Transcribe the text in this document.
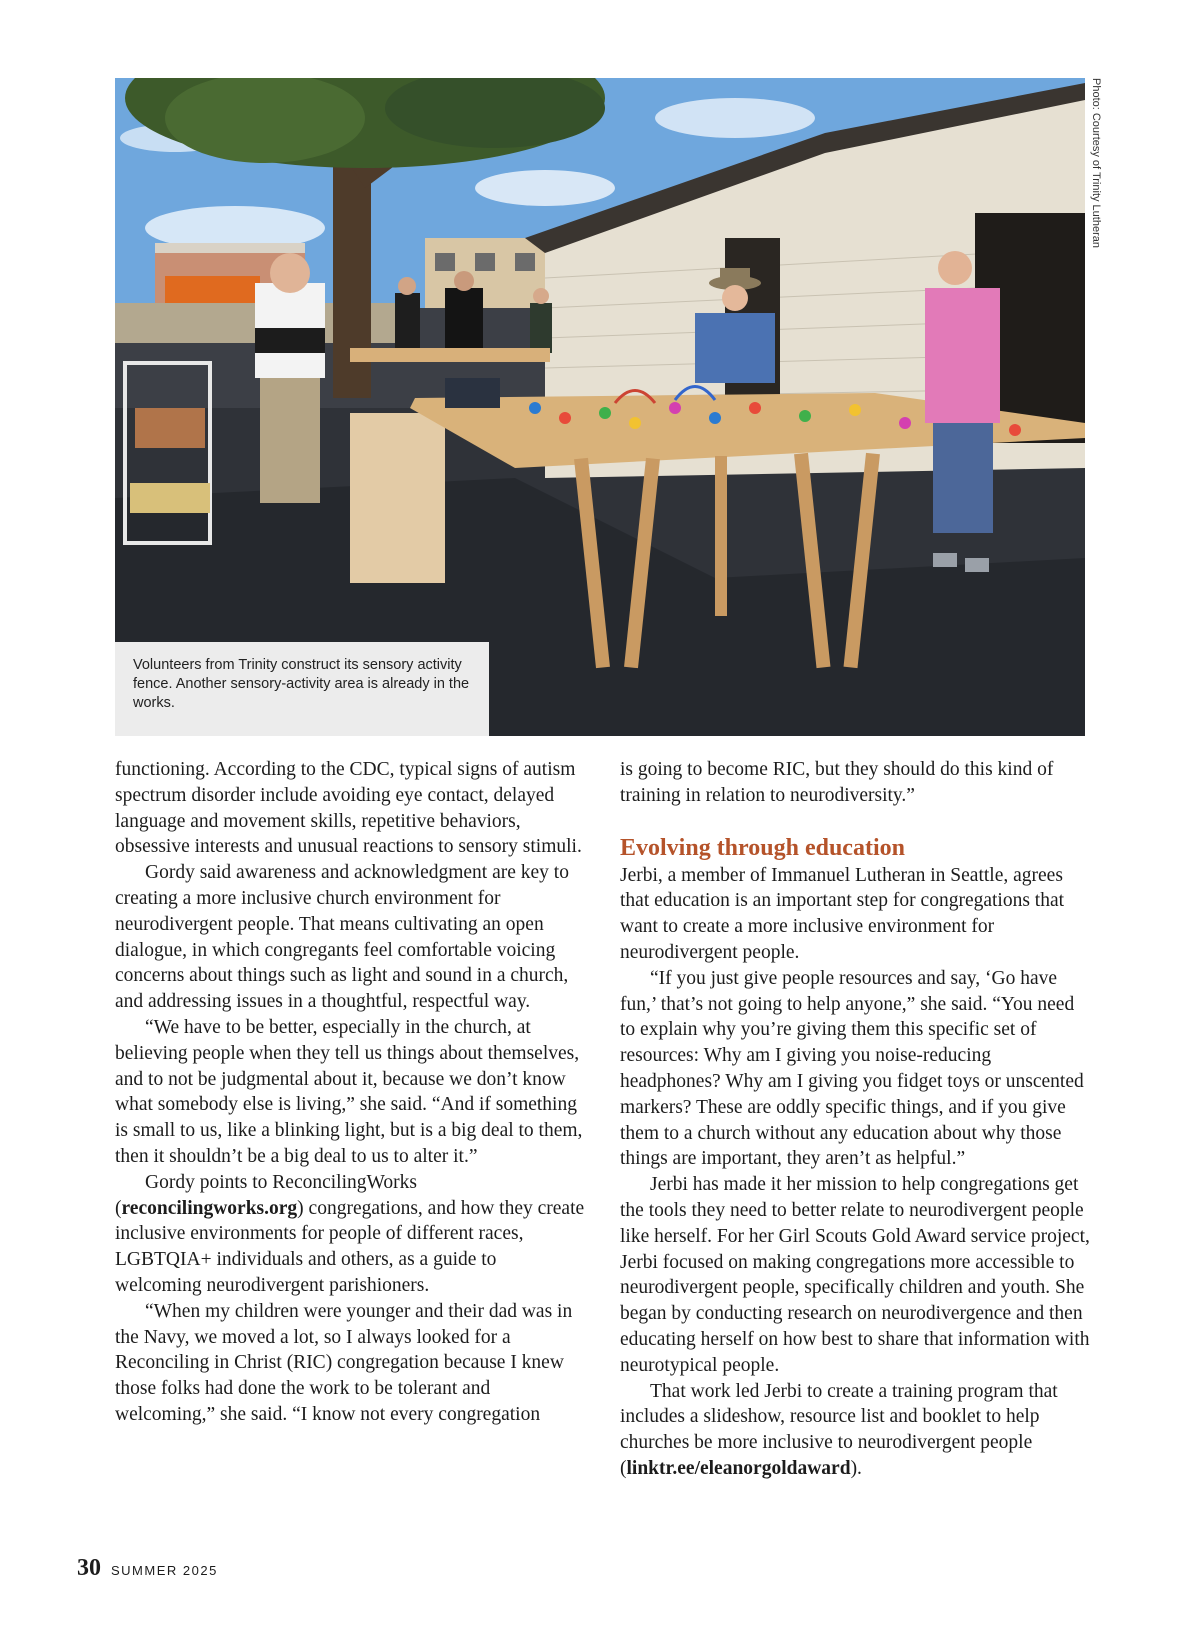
Photo: Courtesy of Trinity Lutheran
Volunteers from Trinity construct its sensory activity fence. Another sensory-activity area is already in the works.

functioning. According to the CDC, typical signs of autism spectrum disorder include avoiding eye contact, delayed language and movement skills, repetitive behaviors, obsessive interests and unusual reactions to sensory stimuli.

Gordy said awareness and acknowledgment are key to creating a more inclusive church environment for neurodivergent people. That means cultivating an open dialogue, in which congregants feel comfortable voicing concerns about things such as light and sound in a church, and addressing issues in a thoughtful, respectful way.

“We have to be better, especially in the church, at believing people when they tell us things about themselves, and to not be judgmental about it, because we don’t know what somebody else is living,” she said. “And if something is small to us, like a blinking light, but is a big deal to them, then it shouldn’t be a big deal to us to alter it.”

Gordy points to ReconcilingWorks (reconcilingworks.org) congregations, and how they create inclusive environments for people of different races, LGBTQIA+ individuals and others, as a guide to welcoming neurodivergent parishioners.

“When my children were younger and their dad was in the Navy, we moved a lot, so I always looked for a Reconciling in Christ (RIC) congregation because I knew those folks had done the work to be tolerant and welcoming,” she said. “I know not every congregation

is going to become RIC, but they should do this kind of training in relation to neurodiversity.”

Evolving through education

Jerbi, a member of Immanuel Lutheran in Seattle, agrees that education is an important step for congregations that want to create a more inclusive environment for neurodivergent people.

“If you just give people resources and say, ‘Go have fun,’ that’s not going to help anyone,” she said. “You need to explain why you’re giving them this specific set of resources: Why am I giving you noise-reducing headphones? Why am I giving you fidget toys or unscented markers? These are oddly specific things, and if you give them to a church without any education about why those things are important, they aren’t as helpful.”

Jerbi has made it her mission to help congregations get the tools they need to better relate to neurodivergent people like herself. For her Girl Scouts Gold Award service project, Jerbi focused on making congregations more accessible to neurodivergent people, specifically children and youth. She began by conducting research on neurodivergence and then educating herself on how best to share that information with neurotypical people.

That work led Jerbi to create a training program that includes a slideshow, resource list and booklet to help churches be more inclusive to neurodivergent people (linktr.ee/eleanorgoldaward).

30 SUMMER 2025
